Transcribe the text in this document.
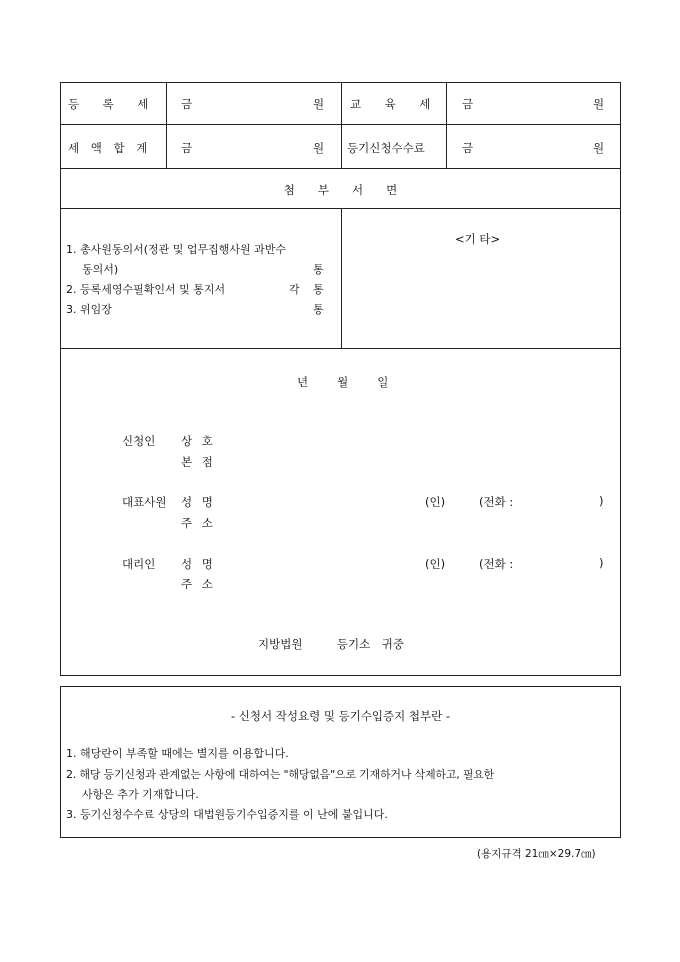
등　록　세 금	원 교　육　세 금	원
세 액 합 계	금	원 등기신청수수료	금	원
첨　　부　　서　　면
1. 총사원동의서(정관 및 업무집행사원 과반수
동의서)	통
2. 등록세영수필확인서 및 통지서	각 통
3. 위임장	통
<기 타>
년　　월　　일
신청인 상 호
본 점
대표사원 성 명	(인)	(전화 :	)
주 소
대리인 성 명	(인)	(전화 :	)
주 소
지방법원　　　등기소　귀중
- 신청서 작성요령 및 등기수입증지 첩부란 -
1. 해당란이 부족할 때에는 별지를 이용합니다.
2. 해당 등기신청과 관계없는 사항에 대하여는 "해당없음"으로 기재하거나 삭제하고, 필요한
사항은 추가 기재합니다.
3. 등기신청수수료 상당의 대법원등기수입증지를 이 난에 붙입니다.
(용지규격 21㎝×29.7㎝)
